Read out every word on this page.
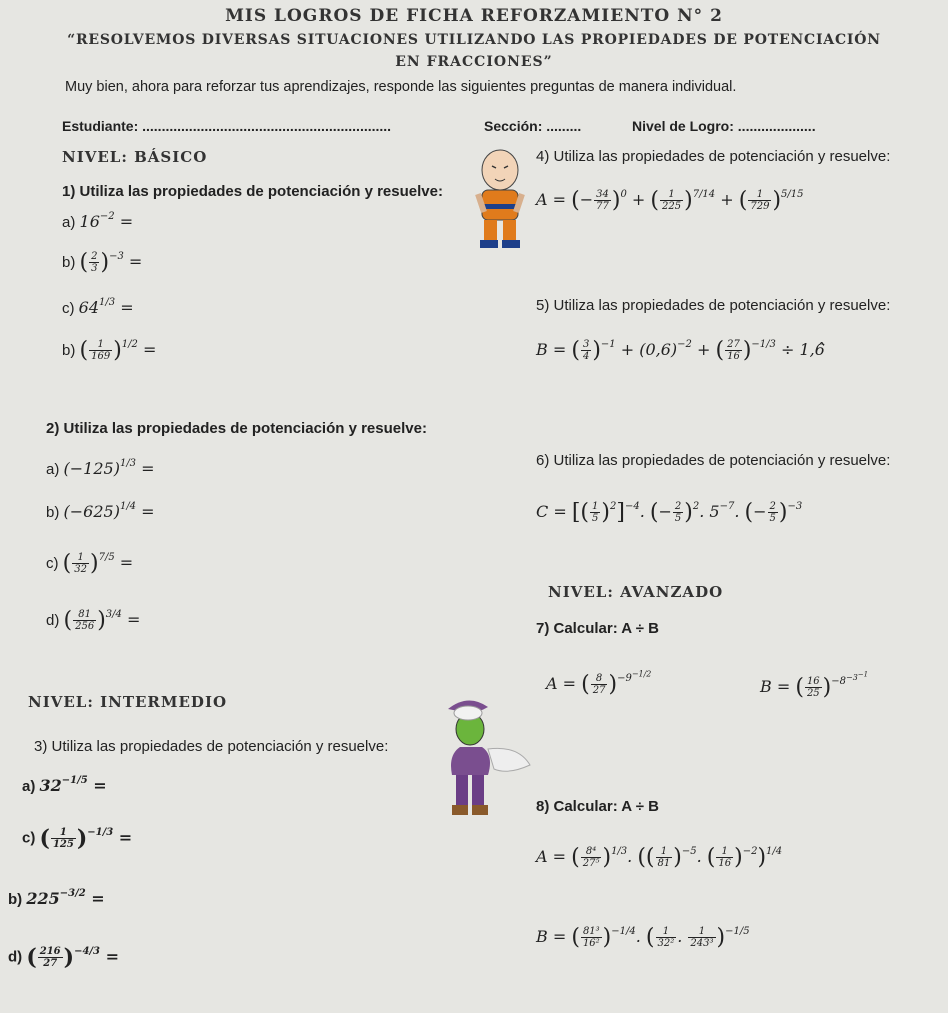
MIS LOGROS DE FICHA REFORZAMIENTO N° 2
“RESOLVEMOS DIVERSAS SITUACIONES UTILIZANDO LAS PROPIEDADES DE POTENCIACIÓN
EN FRACCIONES”
Muy bien, ahora para reforzar tus aprendizajes, responde las siguientes preguntas de manera individual.
Estudiante: ................................................................	Sección: .........	Nivel de Logro: ....................
NIVEL: BÁSICO
1) Utiliza las propiedades de potenciación y resuelve:
a) $16^{-2}$ =
b) ( $\frac{2}{3} )^{-3}$ =
c) $64^{1/3}$ =
b) ( $\frac{1}{169} )^{1/2}$ =
2) Utiliza las propiedades de potenciación y resuelve:
a) $(-125)^{1/3}$ =
b) $(-625)^{1/4}$ =
c) ( $\frac{1}{32} )^{7/5}$ =
d) ( $\frac{81}{256} )^{3/4}$ =
NIVEL: INTERMEDIO
3) Utiliza las propiedades de potenciación y resuelve:
a) $32^{-1/5}$ =
c) ( $\frac{1}{125} )^{-1/3}$ =
b) $225^{-3/2}$ =
d) ( $\frac{216}{27} )^{-4/3}$ =
4) Utiliza las propiedades de potenciación y resuelve:
A = (− $\frac{34}{77} )^0$ + ( $\frac{1}{225} )^{7/14}$ + ( $\frac{1}{729} )^{5/15}$
5) Utiliza las propiedades de potenciación y resuelve:
B = ( $\frac{3}{4} )^{-1} + (0,6)^{-2}$ + ( $\frac{27}{16} )^{-1/3}$ ÷ 1,6̂
6) Utiliza las propiedades de potenciación y resuelve:
C = [( $\frac{1}{5} )^2]^{-4}$. (− $\frac{2}{5} )^2$. $5^{-7}$. (− $\frac{2}{5} )^{-3}$
NIVEL: AVANZADO
7) Calcular: A ÷ B
A = ( $\frac{8}{27} )^{-9^{-1/2}}$
B = ( $\frac{16}{25} )^{-8^{-3^{-1}}}$
8) Calcular: A ÷ B
A = ( $\frac{\text{8⁴}}{\text{27⁵}} )^{1/3}$. (( $\frac{1}{81} )^{-5}$. ( $\frac{1}{16} )^{-2})^{1/4}$
B = ( $\frac{\text{81³}}{\text{16²}} )^{-1/4}$. ( $\frac{1}{\text{32²}}$ . $\frac{1}{\text{243³}} )^{-1/5}$
